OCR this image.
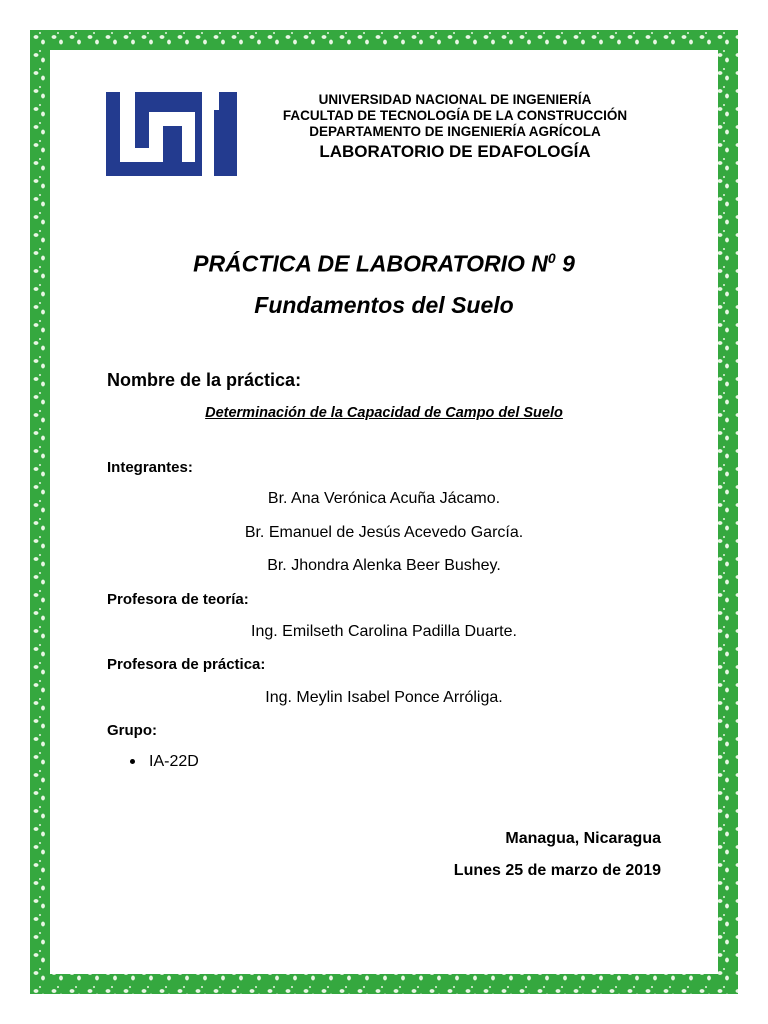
UNIVERSIDAD NACIONAL DE INGENIERÍA
FACULTAD DE TECNOLOGÍA DE LA CONSTRUCCIÓN
DEPARTAMENTO DE INGENIERÍA AGRÍCOLA
LABORATORIO DE EDAFOLOGÍA
PRÁCTICA DE LABORATORIO $N^0$ 9
Fundamentos del Suelo
Nombre de la práctica:
Determinación de la Capacidad de Campo del Suelo
Integrantes:
Br. Ana Verónica Acuña Jácamo.
Br. Emanuel de Jesús Acevedo García.
Br. Jhondra Alenka Beer Bushey.
Profesora de teoría:
Ing. Emilseth Carolina Padilla Duarte.
Profesora de práctica:
Ing. Meylin Isabel Ponce Arróliga.
Grupo:
IA-22D
Managua, Nicaragua
Lunes 25 de marzo de 2019
